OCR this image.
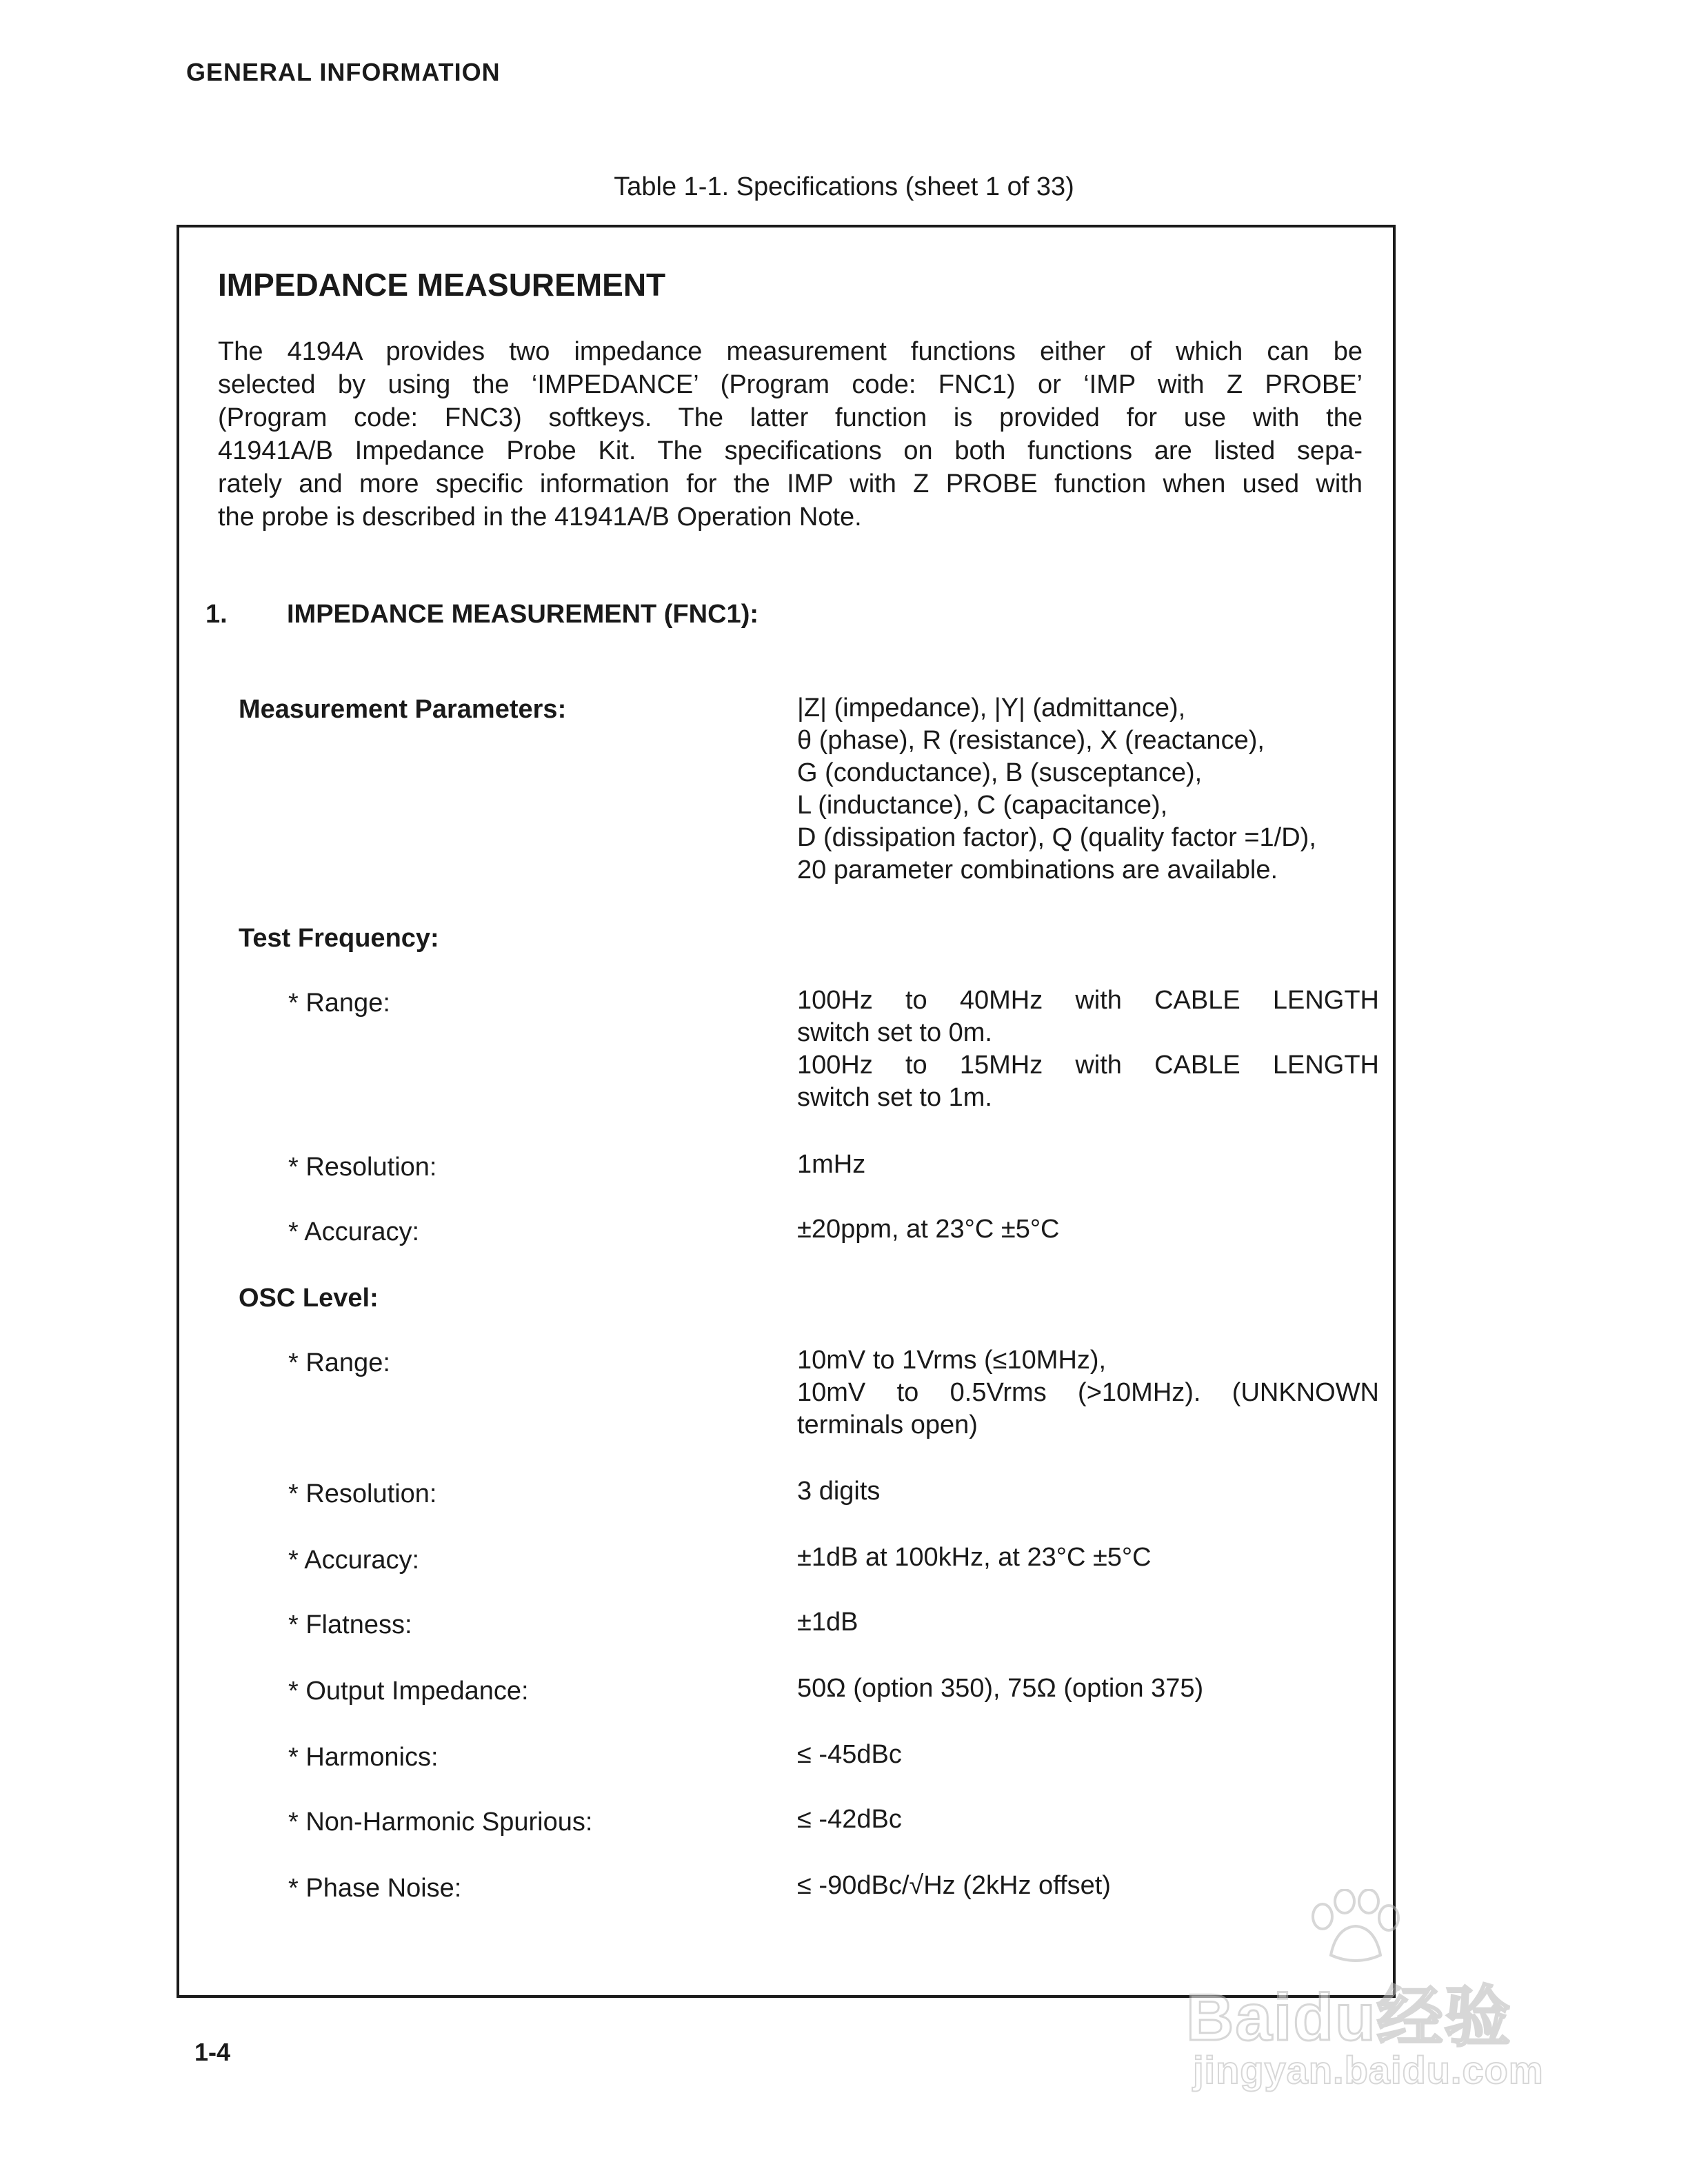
GENERAL INFORMATION
Table 1-1. Specifications (sheet 1 of 33)
IMPEDANCE MEASUREMENT
The 4194A provides two impedance measurement functions either of which can be
selected by using the ‘IMPEDANCE’ (Program code: FNC1) or ‘IMP with Z PROBE’
(Program code: FNC3) softkeys. The latter function is provided for use with the
41941A/B Impedance Probe Kit. The specifications on both functions are listed sepa-
rately and more specific information for the IMP with Z PROBE function when used with
the probe is described in the 41941A/B Operation Note.
1. IMPEDANCE MEASUREMENT (FNC1):
Measurement Parameters:	|Z| (impedance), |Y| (admittance),
θ (phase), R (resistance), X (reactance),
G (conductance), B (susceptance),
L (inductance), C (capacitance),
D (dissipation factor), Q (quality factor =1/D),
20 parameter combinations are available.
Test Frequency:
* Range:	100Hz to 40MHz with CABLE LENGTH
switch set to 0m.
100Hz to 15MHz with CABLE LENGTH
switch set to 1m.
* Resolution:	1mHz
* Accuracy:	±20ppm, at 23°C ±5°C
OSC Level:
* Range:	10mV to 1Vrms (≤10MHz),
10mV to 0.5Vrms (>10MHz). (UNKNOWN
terminals open)
* Resolution:	3 digits
* Accuracy:	±1dB at 100kHz, at 23°C ±5°C
* Flatness:	±1dB
* Output Impedance:	50Ω (option 350), 75Ω (option 375)
* Harmonics:	≤ -45dBc
* Non-Harmonic Spurious:	≤ -42dBc
* Phase Noise:	≤ -90dBc/√Hz (2kHz offset)
1-4	Baidu经验
jingyan.baidu.com
